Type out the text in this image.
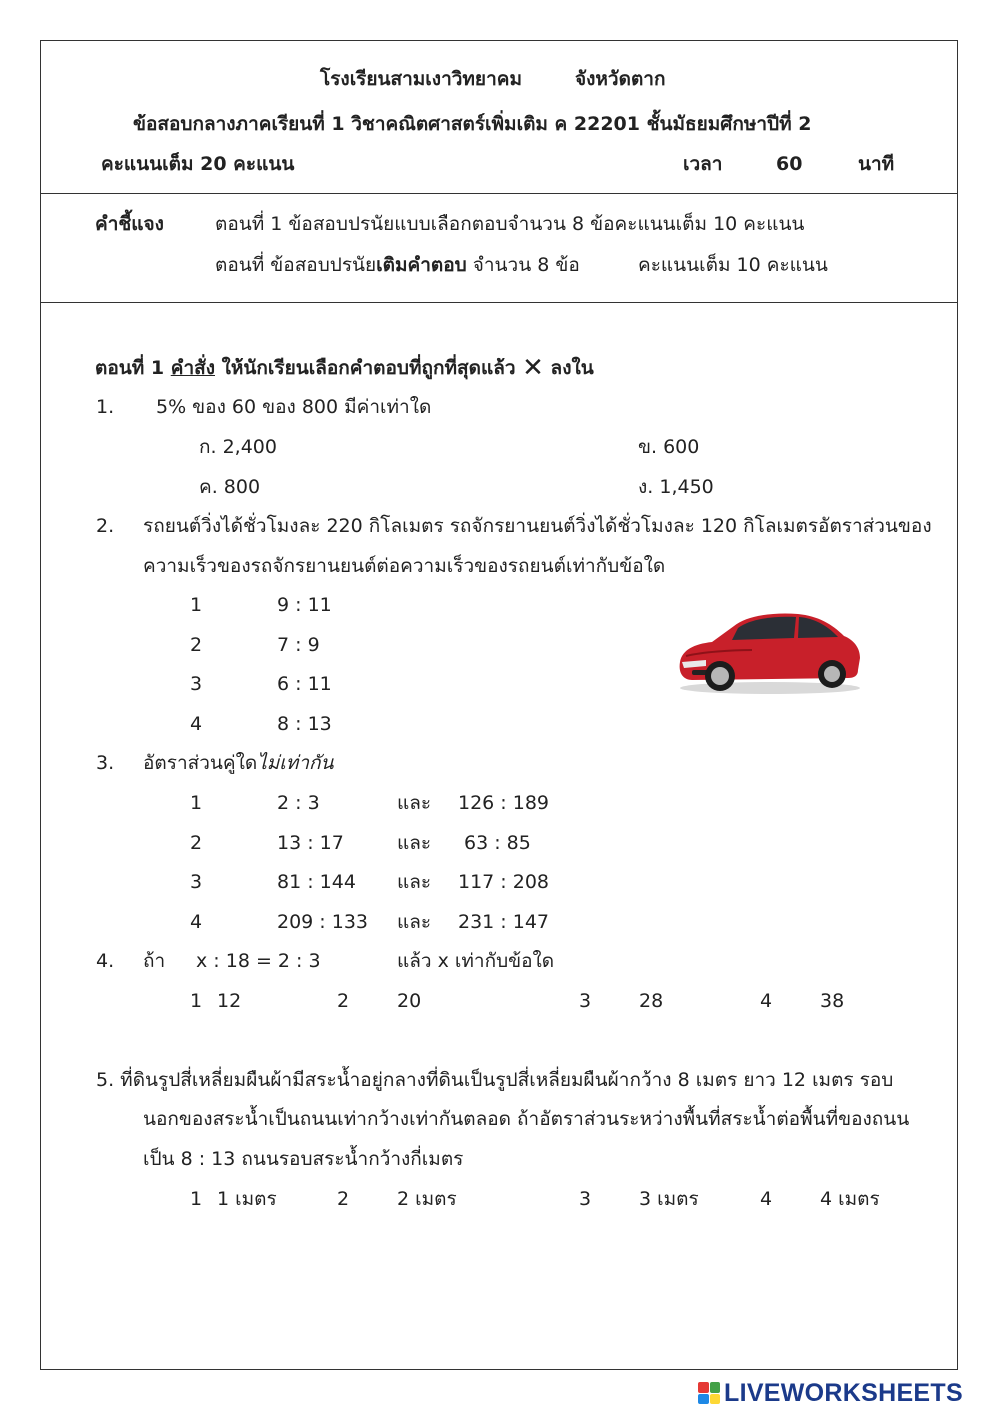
โรงเรียนสามเงาวิทยาคม	จังหวัดตาก
ข้อสอบกลางภาคเรียนที่ 1 วิชาคณิตศาสตร์เพิ่มเติม ค 22201 ชั้นมัธยมศึกษาปีที่ 2
คะแนนเต็ม 20 คะแนน	เวลา	60	นาที
คำชี้แจง	ตอนที่ 1 ข้อสอบปรนัยแบบเลือกตอบจำนวน 8 ข้อคะแนนเต็ม 10 คะแนน
ตอนที่ ข้อสอบปรนัยเติมคำตอบ จำนวน 8 ข้อ	คะแนนเต็ม 10 คะแนน
ตอนที่ 1 คำสั่ง ให้นักเรียนเลือกคำตอบที่ถูกที่สุดแล้ว ✕ ลงใน
1. 5% ของ 60 ของ 800 มีค่าเท่าใด
ก. 2,400	ข. 600
ค. 800	ง. 1,450
2. รถยนต์วิ่งได้ชั่วโมงละ 220 กิโลเมตร รถจักรยานยนต์วิ่งได้ชั่วโมงละ 120 กิโลเมตรอัตราส่วนของ
ความเร็วของรถจักรยานยนต์ต่อความเร็วของรถยนต์เท่ากับข้อใด
1	9 : 11
2	7 : 9
3	6 : 11
4	8 : 13
3. อัตราส่วนคู่ใดไม่เท่ากัน
1	2 : 3	และ 126 : 189
2	13 : 17	และ 63 : 85
3	81 : 144 และ 117 : 208
4	209 : 133 และ 231 : 147
4. ถ้า x : 18 = 2 : 3	แล้ว x เท่ากับข้อใด
1 12	2	20	3	28	4	38
5. ที่ดินรูปสี่เหลี่ยมผืนผ้ามีสระน้ำอยู่กลางที่ดินเป็นรูปสี่เหลี่ยมผืนผ้ากว้าง 8 เมตร ยาว 12 เมตร รอบ
นอกของสระน้ำเป็นถนนเท่ากว้างเท่ากันตลอด ถ้าอัตราส่วนระหว่างพื้นที่สระน้ำต่อพื้นที่ของถนน
เป็น 8 : 13 ถนนรอบสระน้ำกว้างกี่เมตร
1 1 เมตร	2	2 เมตร	3	3 เมตร	4	4 เมตร
LIVEWORKSHEETS
